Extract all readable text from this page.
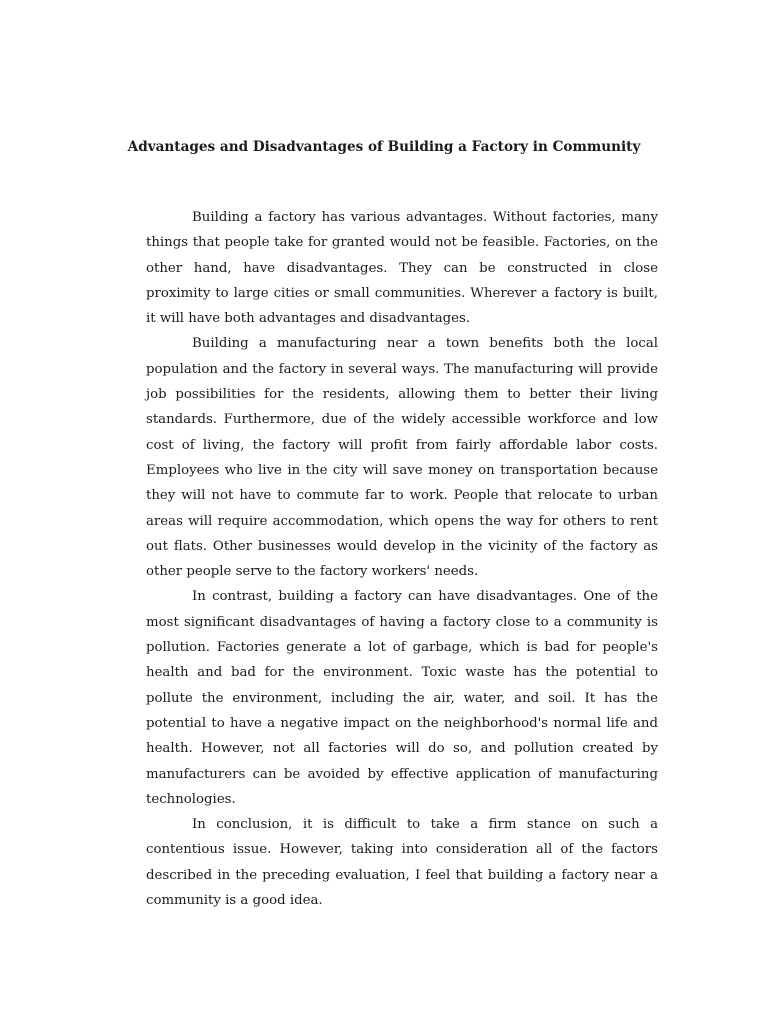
Advantages and Disadvantages of Building a Factory in Community

Building a factory has various advantages. Without factories, many things that people take for granted would not be feasible. Factories, on the other hand, have disadvantages. They can be constructed in close proximity to large cities or small communities. Wherever a factory is built, it will have both advantages and disadvantages.

Building a manufacturing near a town benefits both the local population and the factory in several ways. The manufacturing will provide job possibilities for the residents, allowing them to better their living standards. Furthermore, due of the widely accessible workforce and low cost of living, the factory will profit from fairly affordable labor costs. Employees who live in the city will save money on transportation because they will not have to commute far to work. People that relocate to urban areas will require accommodation, which opens the way for others to rent out flats. Other businesses would develop in the vicinity of the factory as other people serve to the factory workers' needs.

In contrast, building a factory can have disadvantages. One of the most significant disadvantages of having a factory close to a community is pollution. Factories generate a lot of garbage, which is bad for people's health and bad for the environment. Toxic waste has the potential to pollute the environment, including the air, water, and soil. It has the potential to have a negative impact on the neighborhood's normal life and health. However, not all factories will do so, and pollution created by manufacturers can be avoided by effective application of manufacturing technologies.

In conclusion, it is difficult to take a firm stance on such a contentious issue. However, taking into consideration all of the factors described in the preceding evaluation, I feel that building a factory near a community is a good idea.
